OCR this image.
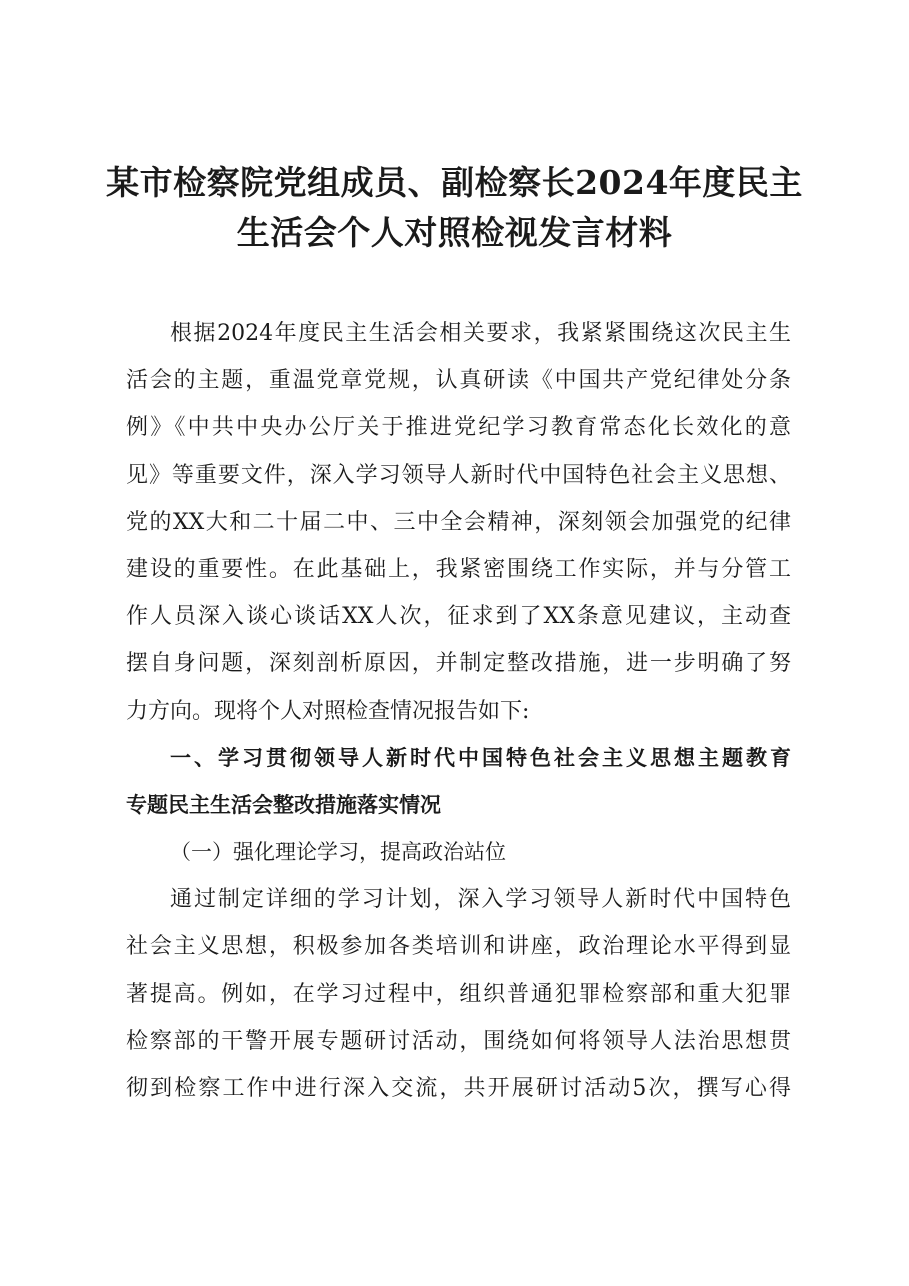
某市检察院党组成员、副检察长2024年度民主
生活会个人对照检视发言材料
根据2024年度民主生活会相关要求，我紧紧围绕这次民主生
活会的主题，重温党章党规，认真研读《中国共产党纪律处分条
例》《中共中央办公厅关于推进党纪学习教育常态化长效化的意
见》等重要文件，深入学习领导人新时代中国特色社会主义思想、
党的XX大和二十届二中、三中全会精神，深刻领会加强党的纪律
建设的重要性。在此基础上，我紧密围绕工作实际，并与分管工
作人员深入谈心谈话XX人次，征求到了XX条意见建议，主动查
摆自身问题，深刻剖析原因，并制定整改措施，进一步明确了努
力方向。现将个人对照检查情况报告如下:
一、学习贯彻领导人新时代中国特色社会主义思想主题教育
专题民主生活会整改措施落实情况
（一）强化理论学习，提高政治站位
通过制定详细的学习计划，深入学习领导人新时代中国特色
社会主义思想，积极参加各类培训和讲座，政治理论水平得到显
著提高。例如，在学习过程中，组织普通犯罪检察部和重大犯罪
检察部的干警开展专题研讨活动，围绕如何将领导人法治思想贯
彻到检察工作中进行深入交流，共开展研讨活动5次，撰写心得
